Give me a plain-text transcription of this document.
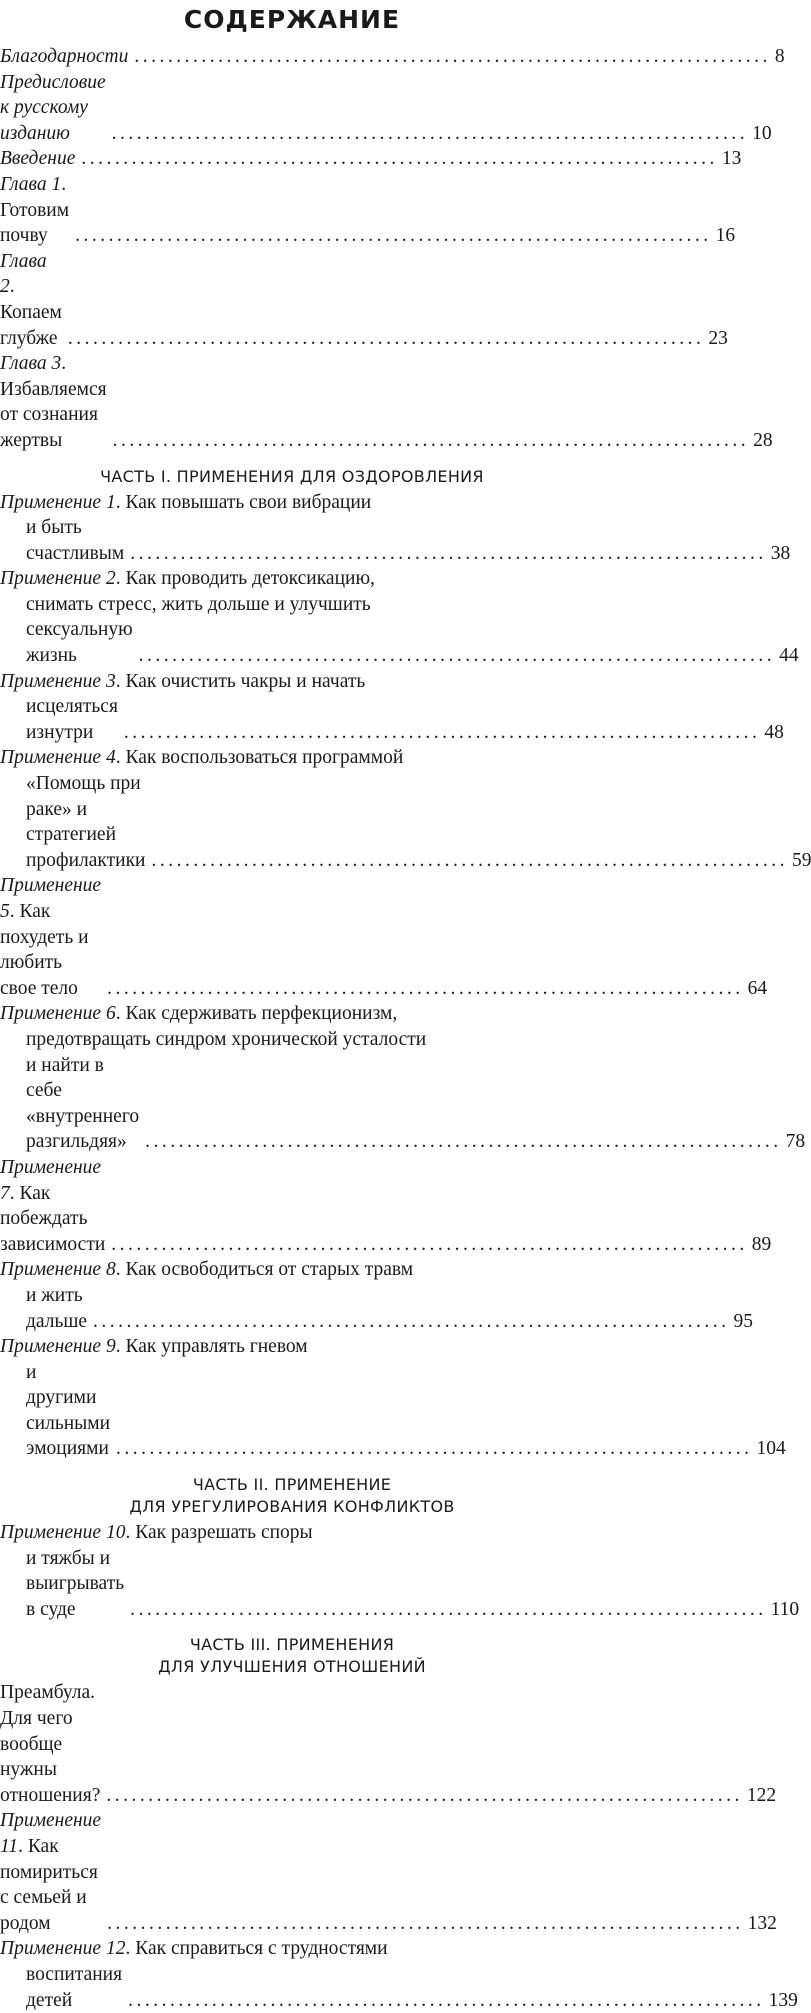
СОДЕРЖАНИЕ
Благодарности ............................................................................ 8
Предисловие к русскому изданию	............................................................................ 10
Введение ............................................................................ 13
Глава 1. Готовим почву	............................................................................ 16
Глава 2. Копаем глубже ............................................................................ 23
Глава 3. Избавляемся от сознания жертвы	............................................................................ 28
ЧАСТЬ I. ПРИМЕНЕНИЯ ДЛЯ ОЗДОРОВЛЕНИЯ
Применение 1. Как повышать свои вибрации
и быть счастливым ............................................................................ 38
Применение 2. Как проводить детоксикацию,
снимать стресс, жить дольше и улучшить
сексуальную жизнь	............................................................................ 44
Применение 3. Как очистить чакры и начать
исцеляться изнутри	............................................................................ 48
Применение 4. Как воспользоваться программой
«Помощь при раке» и стратегией профилактики ............................................................................ 59
Применение 5. Как похудеть и любить свое тело	............................................................................ 64
Применение 6. Как сдерживать перфекционизм,
предотвращать синдром хронической усталости
и найти в себе «внутреннего разгильдяя» ............................................................................ 78
Применение 7. Как побеждать зависимости ............................................................................ 89
Применение 8. Как освободиться от старых травм
и жить дальше ............................................................................ 95
Применение 9. Как управлять гневом
и другими сильными эмоциями ............................................................................ 104
ЧАСТЬ II. ПРИМЕНЕНИЕ
ДЛЯ УРЕГУЛИРОВАНИЯ КОНФЛИКТОВ
Применение 10. Как разрешать споры
и тяжбы и выигрывать в суде	............................................................................ 110
ЧАСТЬ III. ПРИМЕНЕНИЯ
ДЛЯ УЛУЧШЕНИЯ ОТНОШЕНИЙ
Преамбула. Для чего вообще нужны отношения? ............................................................................ 122
Применение 11. Как помириться с семьей и родом	............................................................................ 132
Применение 12. Как справиться с трудностями
воспитания детей	............................................................................ 139
